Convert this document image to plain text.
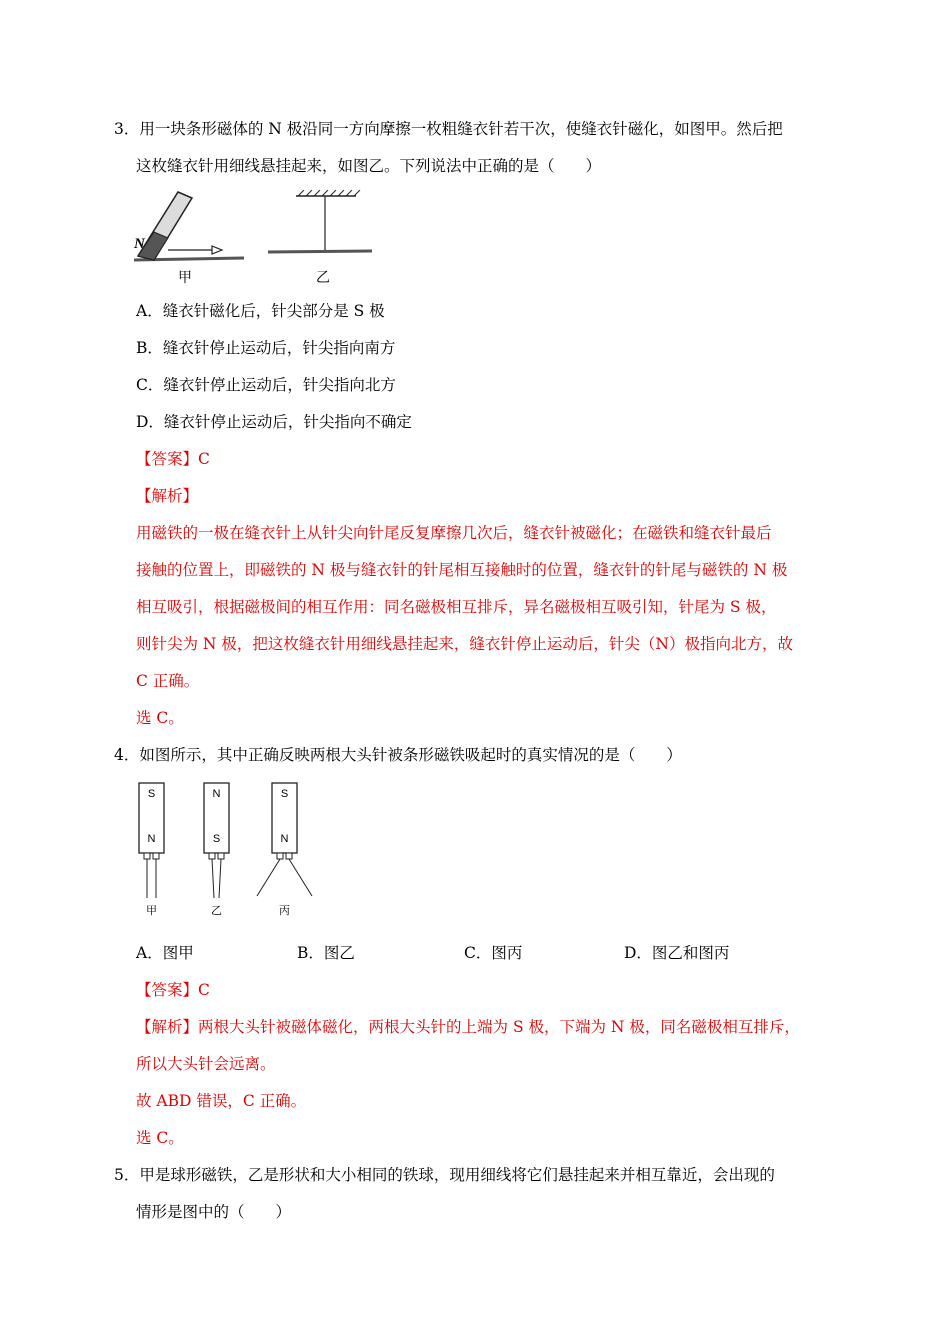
3．用一块条形磁体的 N 极沿同一方向摩擦一枚粗缝衣针若干次，使缝衣针磁化，如图甲。然后把
这枚缝衣针用细线悬挂起来，如图乙。下列说法中正确的是（　　）
N
甲	乙
A．缝衣针磁化后，针尖部分是 S 极
B．缝衣针停止运动后，针尖指向南方
C．缝衣针停止运动后，针尖指向北方
D．缝衣针停止运动后，针尖指向不确定
【答案】C
【解析】
用磁铁的一极在缝衣针上从针尖向针尾反复摩擦几次后，缝衣针被磁化；在磁铁和缝衣针最后
接触的位置上，即磁铁的 N 极与缝衣针的针尾相互接触时的位置，缝衣针的针尾与磁铁的 N 极
相互吸引，根据磁极间的相互作用：同名磁极相互排斥，异名磁极相互吸引知，针尾为 S 极，
则针尖为 N 极，把这枚缝衣针用细线悬挂起来，缝衣针停止运动后，针尖（N）极指向北方，故
C 正确。
选 C。
4．如图所示，其中正确反映两根大头针被条形磁铁吸起时的真实情况的是（　　）
S
N
甲
N
S
乙
S
N
丙
A．图甲	B．图乙	C．图丙	D．图乙和图丙
【答案】C
【解析】两根大头针被磁体磁化，两根大头针的上端为 S 极，下端为 N 极，同名磁极相互排斥，
所以大头针会远离。
故 ABD 错误，C 正确。
选 C。
5．甲是球形磁铁，乙是形状和大小相同的铁球，现用细线将它们悬挂起来并相互靠近，会出现的
情形是图中的（　　）
